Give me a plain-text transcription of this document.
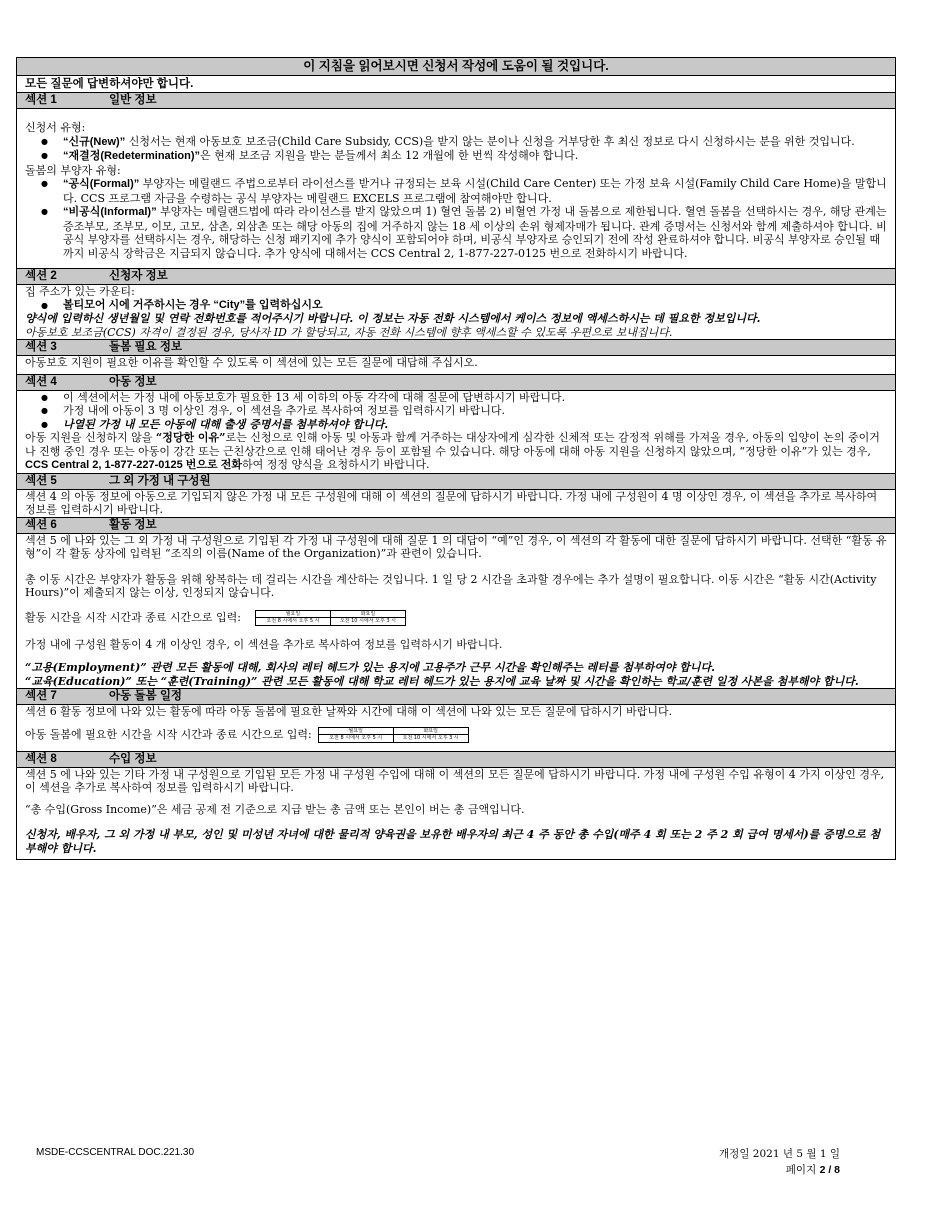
이 지침을 읽어보시면 신청서 작성에 도움이 될 것입니다.
모든 질문에 답변하셔야만 합니다.
섹션 1	일반 정보
신청서 유형:
● “신규(New)” 신청서는 현재 아동보호 보조금(Child Care Subsidy, CCS)을 받지 않는 분이나 신청을 거부당한 후 최신 정보로 다시 신청하시는 분을 위한 것입니다.
● “재결정(Redetermination)”은 현재 보조금 지원을 받는 분들께서 최소 12 개월에 한 번씩 작성해야 합니다.
돌봄의 부양자 유형:
● “공식(Formal)” 부양자는 메릴랜드 주법으로부터 라이선스를 받거나 규정되는 보육 시설(Child Care Center) 또는 가정 보육 시설(Family Child Care Home)을 말합니다. CCS 프로그램 자금을 수령하는 공식 부양자는 메릴랜드 EXCELS 프로그램에 참여해야만 합니다.
● “비공식(Informal)” 부양자는 메릴랜드법에 따라 라이선스를 받지 않았으며 1) 혈연 돌봄 2) 비혈연 가정 내 돌봄으로 제한됩니다. 혈연 돌봄을 선택하시는 경우, 해당 관계는 증조부모, 조부모, 이모, 고모, 삼촌, 외삼촌 또는 해당 아동의 집에 거주하지 않는 18 세 이상의 손위 형제자매가 됩니다. 관계 증명서는 신청서와 함께 제출하셔야 합니다. 비공식 부양자를 선택하시는 경우, 해당하는 신청 패키지에 추가 양식이 포함되어야 하며, 비공식 부양자로 승인되기 전에 작성 완료하셔야 합니다. 비공식 부양자로 승인될 때까지 비공식 장학금은 지급되지 않습니다. 추가 양식에 대해서는 CCS Central 2, 1-877-227-0125 번으로 전화하시기 바랍니다.
섹션 2	신청자 정보
집 주소가 있는 카운티:
● 볼티모어 시에 거주하시는 경우 “City”를 입력하십시오
양식에 입력하신 생년월일 및 연락 전화번호를 적어주시기 바랍니다. 이 정보는 자동 전화 시스템에서 케이스 정보에 액세스하시는 데 필요한 정보입니다.
아동보호 보조금(CCS) 자격이 결정된 경우, 당사자 ID 가 할당되고, 자동 전화 시스템에 향후 액세스할 수 있도록 우편으로 보내집니다.
섹션 3	돌봄 필요 정보
아동보호 지원이 필요한 이유를 확인할 수 있도록 이 섹션에 있는 모든 질문에 대답해 주십시오.
섹션 4	아동 정보
● 이 섹션에서는 가정 내에 아동보호가 필요한 13 세 이하의 아동 각각에 대해 질문에 답변하시기 바랍니다.
● 가정 내에 아동이 3 명 이상인 경우, 이 섹션을 추가로 복사하여 정보를 입력하시기 바랍니다.
● 나열된 가정 내 모든 아동에 대해 출생 증명서를 첨부하셔야 합니다.
아동 지원을 신청하지 않을 “정당한 이유”로는 신청으로 인해 아동 및 아동과 함께 거주하는 대상자에게 심각한 신체적 또는 감정적 위해를 가져올 경우, 아동의 입양이 논의 중이거나 진행 중인 경우 또는 아동이 강간 또는 근친상간으로 인해 태어난 경우 등이 포함될 수 있습니다. 해당 아동에 대해 아동 지원을 신청하지 않았으며, “정당한 이유”가 있는 경우, CCS Central 2, 1-877-227-0125 번으로 전화하여 정정 양식을 요청하시기 바랍니다.
섹션 5	그 외 가정 내 구성원
섹션 4 의 아동 정보에 아동으로 기입되지 않은 가정 내 모든 구성원에 대해 이 섹션의 질문에 답하시기 바랍니다. 가정 내에 구성원이 4 명 이상인 경우, 이 섹션을 추가로 복사하여 정보를 입력하시기 바랍니다.
섹션 6	활동 정보
섹션 5 에 나와 있는 그 외 가정 내 구성원으로 기입된 각 가정 내 구성원에 대해 질문 1 의 대답이 “예”인 경우, 이 섹션의 각 활동에 대한 질문에 답하시기 바랍니다. 선택한 “활동 유형”이 각 활동 상자에 입력된 “조직의 이름(Name of the Organization)”과 관련이 있습니다.
총 이동 시간은 부양자가 활동을 위해 왕복하는 데 걸리는 시간을 계산하는 것입니다. 1 일 당 2 시간을 초과할 경우에는 추가 설명이 필요합니다. 이동 시간은 “활동 시간(Activity Hours)”이 제출되지 않는 이상, 인정되지 않습니다.
활동 시간을 시작 시간과 종료 시간으로 입력:	월요일	화요일
오전 8 시에서 오후 5 시	오전 10 시에서 오후 3 시
가정 내에 구성원 활동이 4 개 이상인 경우, 이 섹션을 추가로 복사하여 정보를 입력하시기 바랍니다.
“고용(Employment)” 관련 모든 활동에 대해, 회사의 레터 헤드가 있는 용지에 고용주가 근무 시간을 확인해주는 레터를 첨부하여야 합니다.
“교육(Education)” 또는 “훈련(Training)” 관련 모든 활동에 대해 학교 레터 헤드가 있는 용지에 교육 날짜 및 시간을 확인하는 학교/훈련 일정 사본을 첨부해야 합니다.
섹션 7	아동 돌봄 일정
섹션 6 활동 정보에 나와 있는 활동에 따라 아동 돌봄에 필요한 날짜와 시간에 대해 이 섹션에 나와 있는 모든 질문에 답하시기 바랍니다.
아동 돌봄에 필요한 시간을 시작 시간과 종료 시간으로 입력:	월요일	화요일
오전 8 시에서 오후 5 시	오전 10 시에서 오후 3 시
섹션 8	수입 정보
섹션 5 에 나와 있는 기타 가정 내 구성원으로 기입된 모든 가정 내 구성원 수입에 대해 이 섹션의 모든 질문에 답하시기 바랍니다. 가정 내에 구성원 수입 유형이 4 가지 이상인 경우, 이 섹션을 추가로 복사하여 정보를 입력하시기 바랍니다.
“총 수입(Gross Income)”은 세금 공제 전 기준으로 지급 받는 총 금액 또는 본인이 버는 총 금액입니다.
신청자, 배우자, 그 외 가정 내 부모, 성인 및 미성년 자녀에 대한 물리적 양육권을 보유한 배우자의 최근 4 주 동안 총 수입(매주 4 회 또는 2 주 2 회 급여 명세서)를 증명으로 첨부해야 합니다.
MSDE-CCSCENTRAL DOC.221.30	개정일 2021 년 5 월 1 일
페이지 2 / 8
